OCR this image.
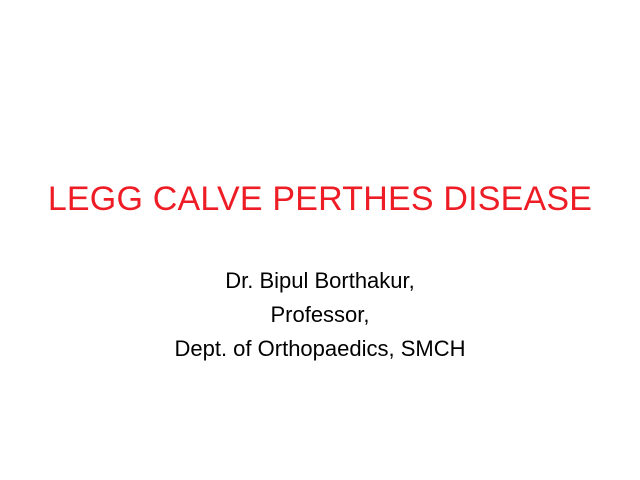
LEGG CALVE PERTHES DISEASE
Dr. Bipul Borthakur,
Professor,
Dept. of Orthopaedics, SMCH
